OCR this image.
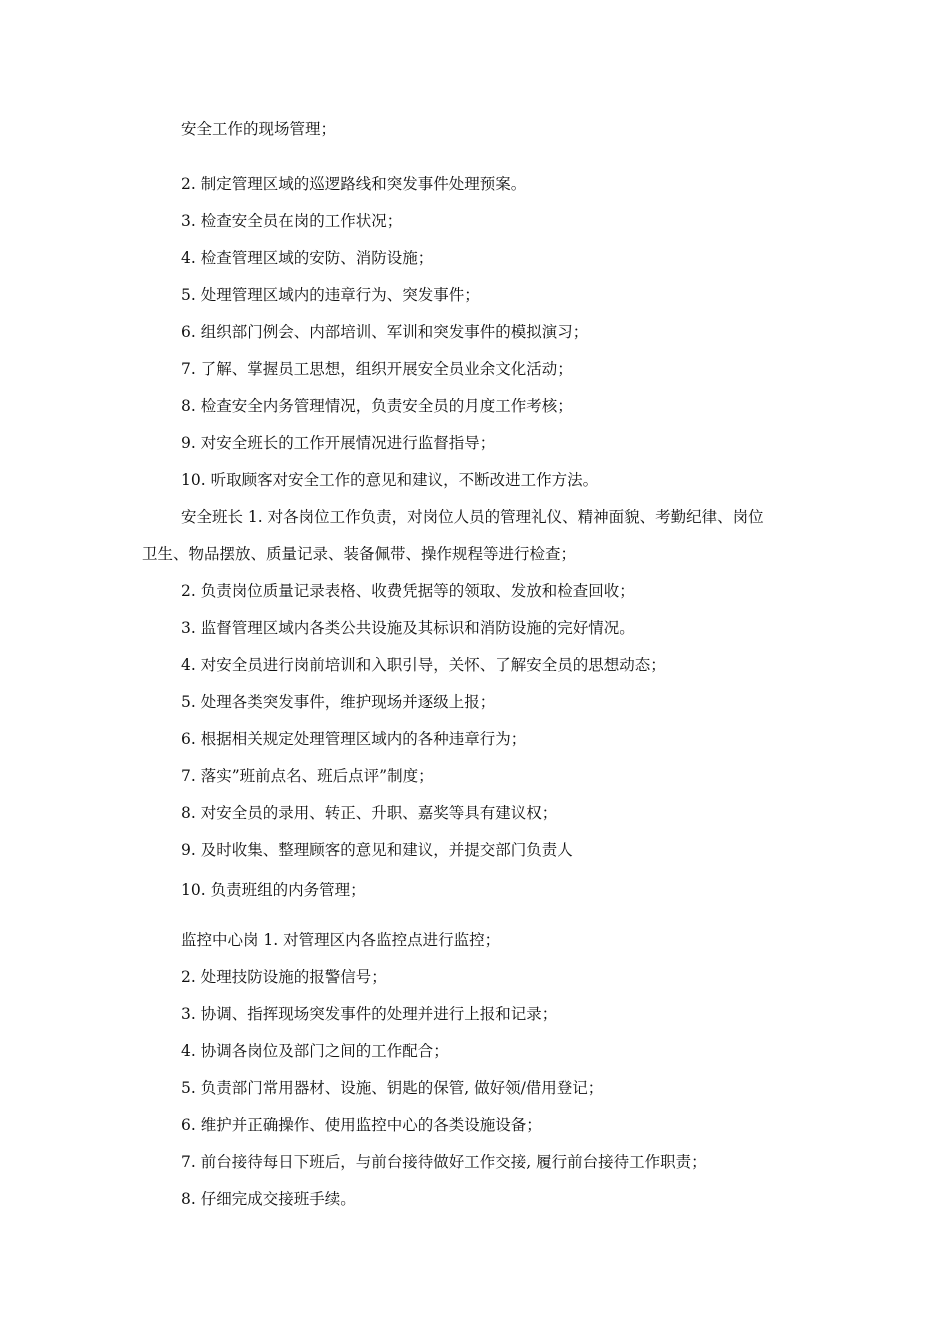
安全工作的现场管理；
2. 制定管理区域的巡逻路线和突发事件处理预案。
3. 检查安全员在岗的工作状况；
4. 检查管理区域的安防、消防设施；
5. 处理管理区域内的违章行为、突发事件；
6. 组织部门例会、内部培训、军训和突发事件的模拟演习；
7. 了解、掌握员工思想，组织开展安全员业余文化活动；
8. 检查安全内务管理情况，负责安全员的月度工作考核；
9. 对安全班长的工作开展情况进行监督指导；
10. 听取顾客对安全工作的意见和建议，不断改进工作方法。
安全班长 1. 对各岗位工作负责，对岗位人员的管理礼仪、精神面貌、考勤纪律、岗位
卫生、物品摆放、质量记录、装备佩带、操作规程等进行检查；
2. 负责岗位质量记录表格、收费凭据等的领取、发放和检查回收；
3. 监督管理区域内各类公共设施及其标识和消防设施的完好情况。
4. 对安全员进行岗前培训和入职引导，关怀、了解安全员的思想动态；
5. 处理各类突发事件，维护现场并逐级上报；
6. 根据相关规定处理管理区域内的各种违章行为；
7. 落实”班前点名、班后点评”制度；
8. 对安全员的录用、转正、升职、嘉奖等具有建议权；
9. 及时收集、整理顾客的意见和建议，并提交部门负责人
10. 负责班组的内务管理；
监控中心岗 1. 对管理区内各监控点进行监控；
2. 处理技防设施的报警信号；
3. 协调、指挥现场突发事件的处理并进行上报和记录；
4. 协调各岗位及部门之间的工作配合；
5. 负责部门常用器材、设施、钥匙的保管, 做好领/借用登记；
6. 维护并正确操作、使用监控中心的各类设施设备；
7. 前台接待每日下班后，与前台接待做好工作交接, 履行前台接待工作职责；
8. 仔细完成交接班手续。
